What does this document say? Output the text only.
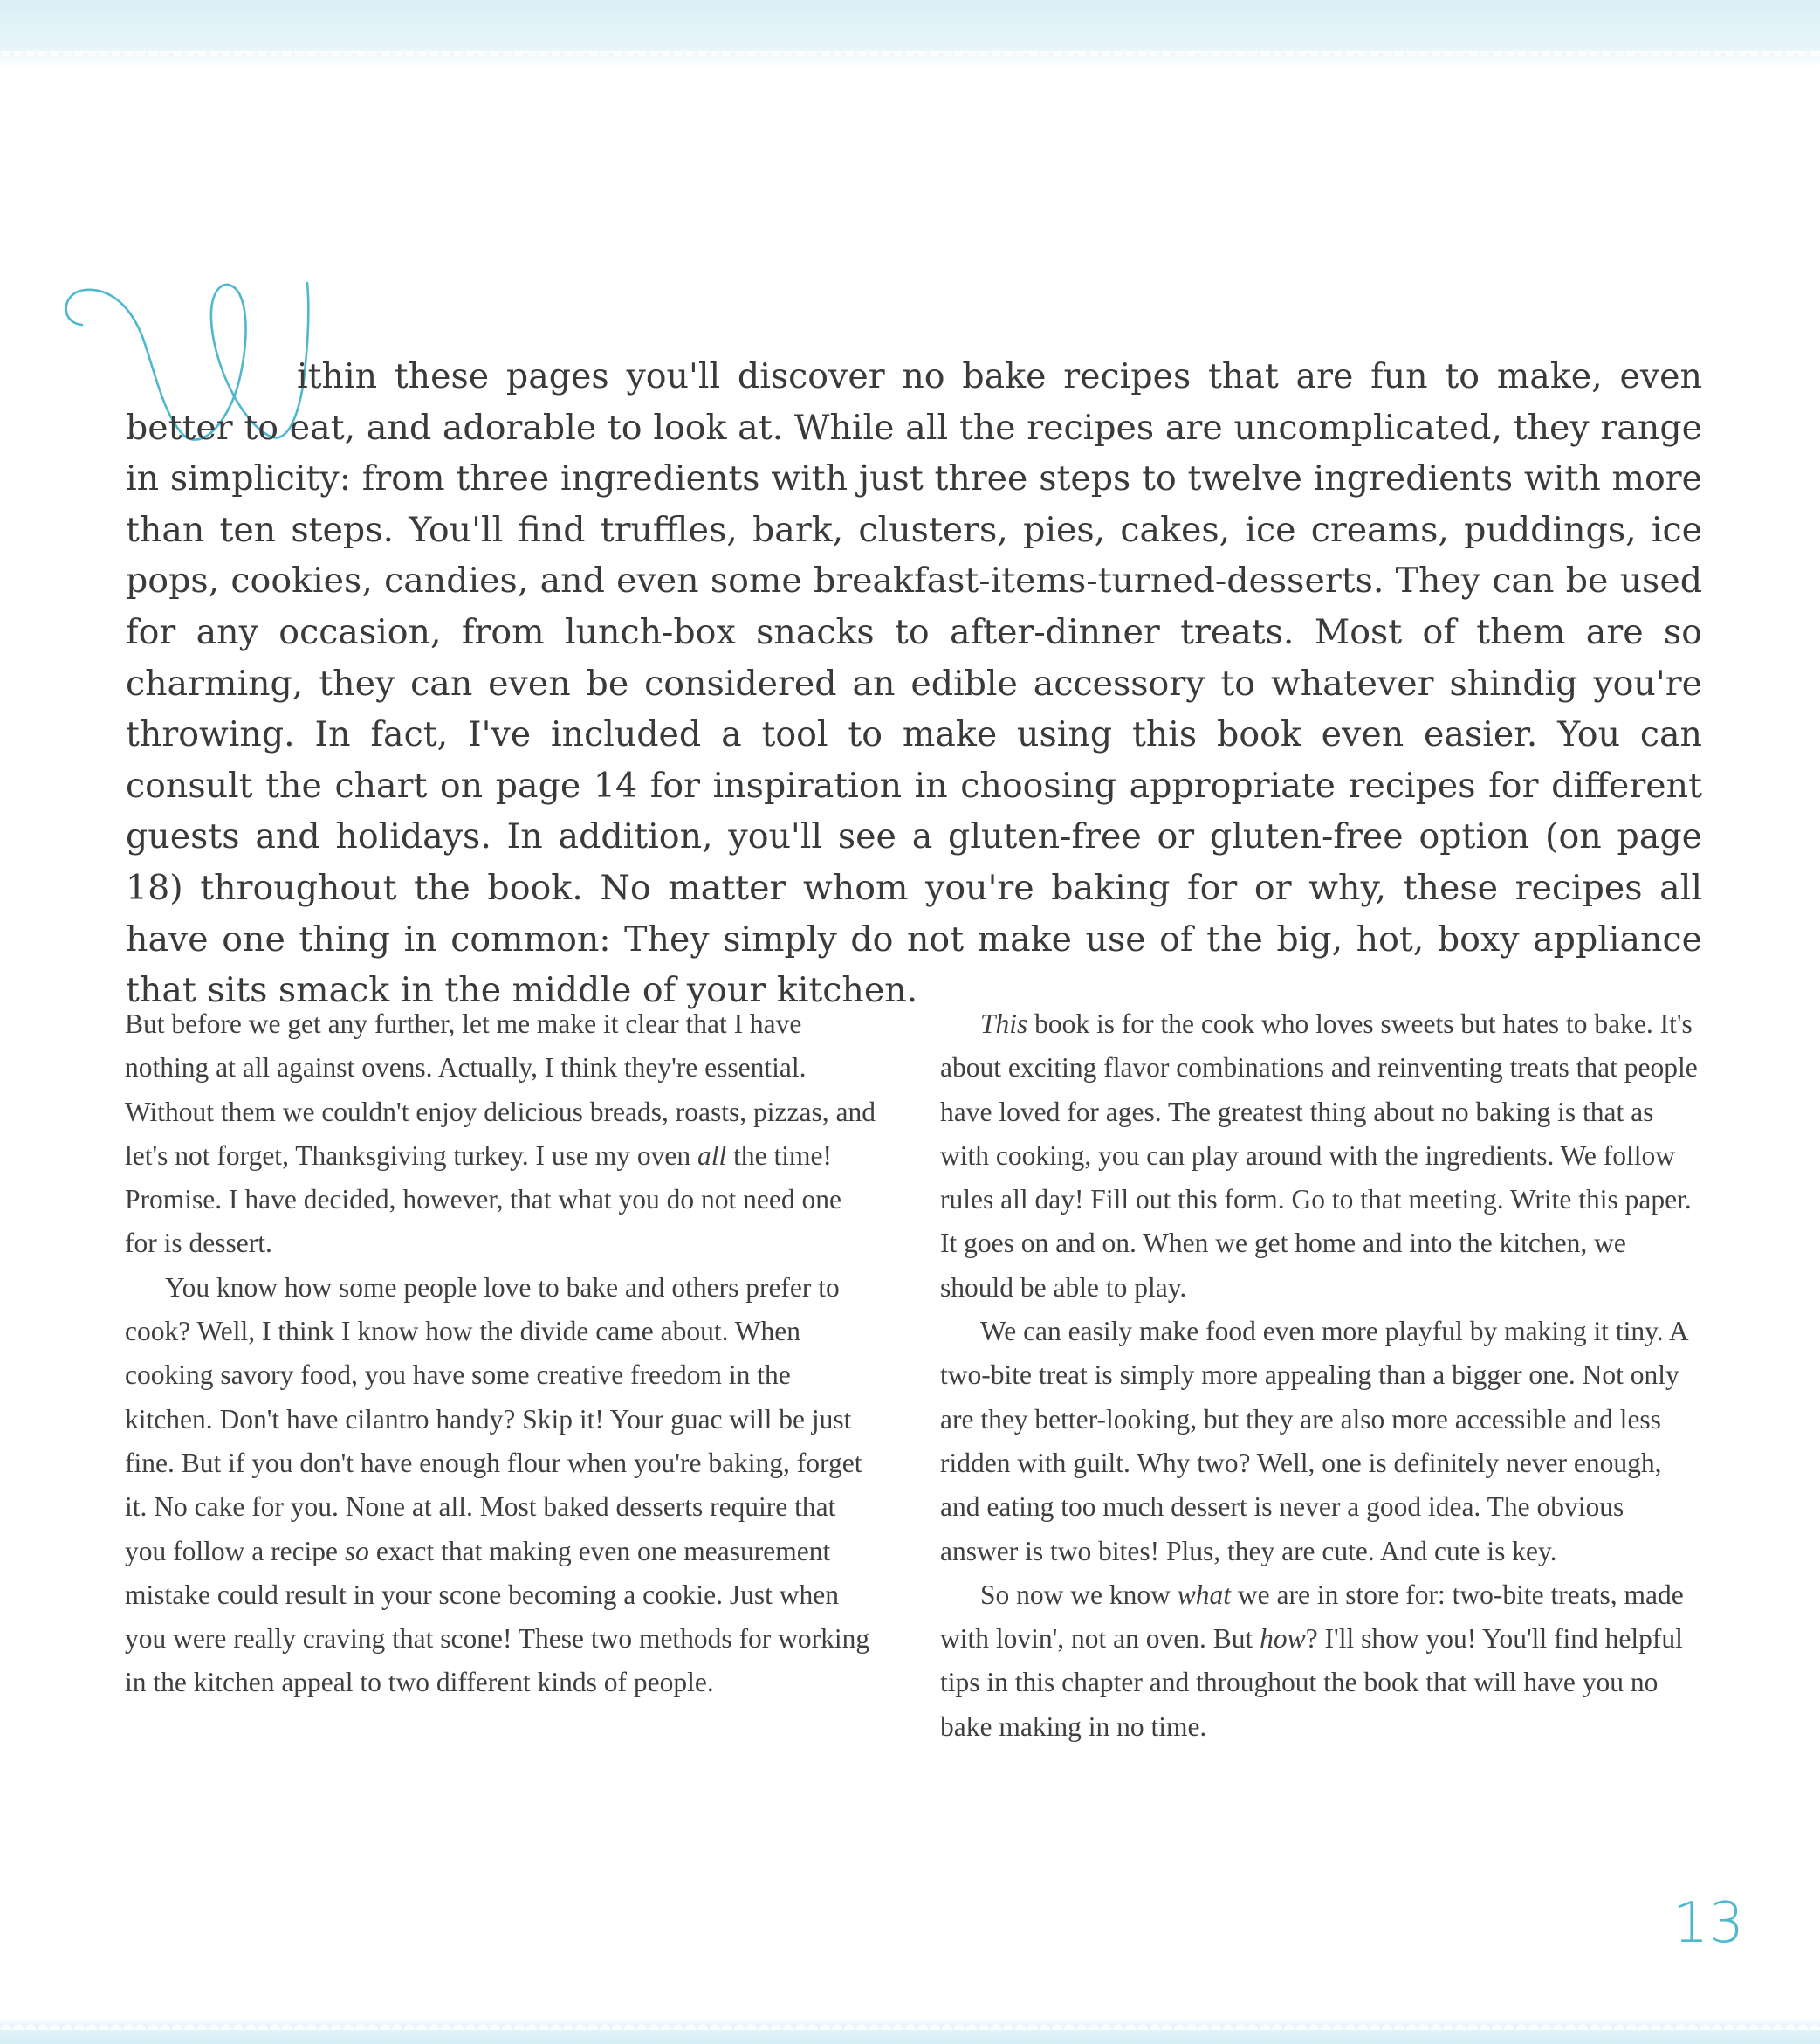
ithin these pages you'll discover no bake recipes that are fun to make, even better to eat, and adorable to look at. While all the recipes are uncomplicated, they range in simplicity: from three ingredients with just three steps to twelve ingredients with more than ten steps. You'll find truffles, bark, clusters, pies, cakes, ice creams, puddings, ice pops, cookies, candies, and even some breakfast-items-turned-desserts. They can be used for any occasion, from lunch-box snacks to after-dinner treats. Most of them are so charming, they can even be considered an edible accessory to whatever shindig you're throwing. In fact, I've included a tool to make using this book even easier. You can consult the chart on page 14 for inspiration in choosing appropriate recipes for different guests and holidays. In addition, you'll see a gluten-free or gluten-free option (on page 18) throughout the book. No matter whom you're baking for or why, these recipes all have one thing in common: They simply do not make use of the big, hot, boxy appliance that sits smack in the middle of your kitchen.

But before we get any further, let me make it clear that I have nothing at all against ovens. Actually, I think they're essential. Without them we couldn't enjoy delicious breads, roasts, pizzas, and let's not forget, Thanksgiving turkey. I use my oven all the time! Promise. I have decided, however, that what you do not need one for is dessert.

You know how some people love to bake and others prefer to cook? Well, I think I know how the divide came about. When cooking savory food, you have some creative freedom in the kitchen. Don't have cilantro handy? Skip it! Your guac will be just fine. But if you don't have enough flour when you're baking, forget it. No cake for you. None at all. Most baked desserts require that you follow a recipe so exact that making even one measurement mistake could result in your scone becoming a cookie. Just when you were really craving that scone! These two methods for working in the kitchen appeal to two different kinds of people.

This book is for the cook who loves sweets but hates to bake. It's about exciting flavor combinations and reinventing treats that people have loved for ages. The greatest thing about no baking is that as with cooking, you can play around with the ingredients. We follow rules all day! Fill out this form. Go to that meeting. Write this paper. It goes on and on. When we get home and into the kitchen, we should be able to play.

We can easily make food even more playful by making it tiny. A two-bite treat is simply more appealing than a bigger one. Not only are they better-looking, but they are also more accessible and less ridden with guilt. Why two? Well, one is definitely never enough, and eating too much dessert is never a good idea. The obvious answer is two bites! Plus, they are cute. And cute is key.

So now we know what we are in store for: two-bite treats, made with lovin', not an oven. But how? I'll show you! You'll find helpful tips in this chapter and throughout the book that will have you no bake making in no time.

13
